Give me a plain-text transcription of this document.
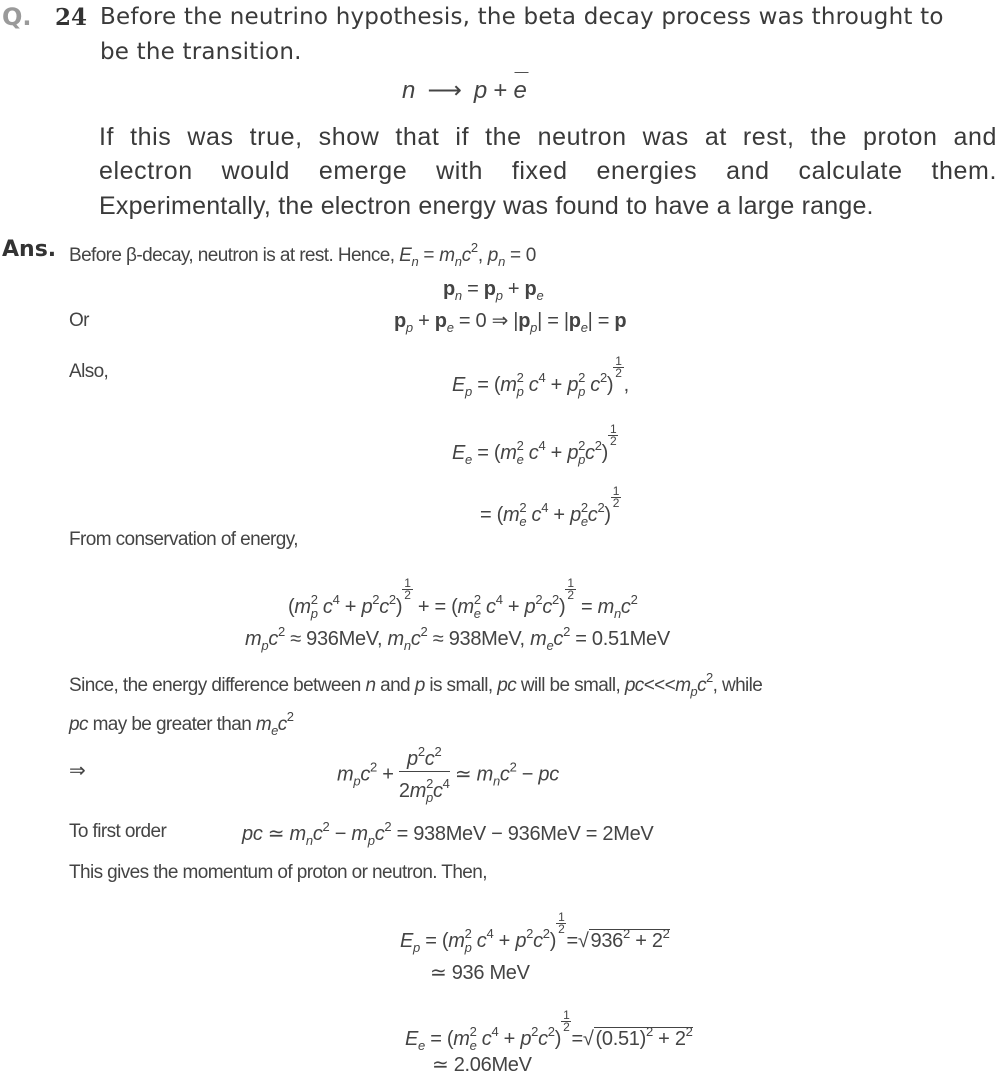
Q. 24 Before the neutrino hypothesis, the beta decay process was throught to
be the transition.
n ⟶ p +
—
e
If this was true, show that if the neutron was at rest, the proton and
electron would emerge with fixed energies and calculate them.
Experimentally, the electron energy was found to have a large range.
Ans. Before β-decay, neutron is at rest. Hence, $E_n = m_nc^2$, $p_n = 0$
$p_n = p_p + p_e$
Or	$p_p + p_e = 0$ ⇒ $|p_p| = |p_e| = p$
Also,
$E_p = (m^2_p$ $c^4 + p^2_p$ $c^2$)
$\frac{1}{2}$
,
$E_e = (m^2_e$ $c^4 + p^2_pc^2$)
$\frac{1}{2}$
= ($m^2_e$ $c^4 + p^2_ec^2$)
$\frac{1}{2}$
From conservation of energy,
($m^2_p$ $c^4 + p^2c^2$)
$\frac{1}{2}$
+ = ($m^2_e$ $c^4 + p^2c^2$)
$\frac{1}{2}$
= $m_nc^2$
$m_pc^2 \approx 936MeV$, $m_nc^2 \approx 938MeV$, $m_ec^2 = 0.51MeV$
Since, the energy difference between n and p is small, pc will be small, $pc<<<m_pc^2$, while
pc may be greater than $m_ec^2$
⇒	$m_pc^2 + \frac{p^2c^2}{2m^2_pc^4}$ ≃ $m_nc^2$ − pc
To first order	pc ≃ $m_nc^2 - m_pc^2 = 938MeV - 936MeV = 2MeV$
This gives the momentum of proton or neutron. Then,
$E_p = (m^2_p$ $c^4 + p^2c^2$)
$\frac{1}{2}$
=√ $936^2 + 2^2$
≃ 936 MeV
$E_e = (m^2_e$ $c^4 + p^2c^2$)
$\frac{1}{2}$
=√ $(0.51)^2 + 2^2$
≃ 2.06MeV
